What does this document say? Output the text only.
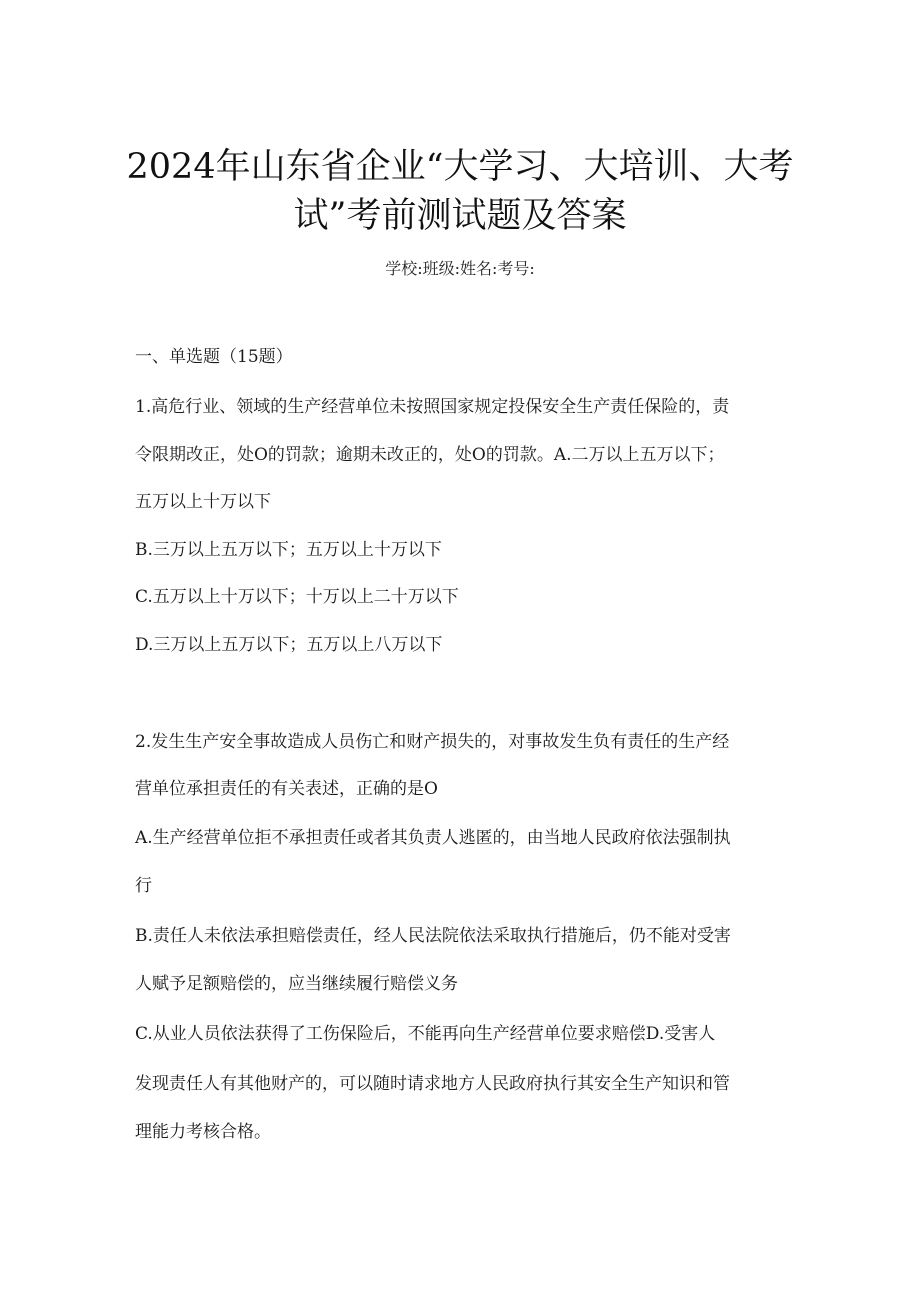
2024年山东省企业“大学习、大培训、大考
试”考前测试题及答案
学校:班级:姓名:考号:
一、单选题（15题）
1.高危行业、领域的生产经营单位未按照国家规定投保安全生产责任保险的，责
令限期改正，处O的罚款；逾期未改正的，处O的罚款。A.二万以上五万以下；
五万以上十万以下
B.三万以上五万以下；五万以上十万以下
C.五万以上十万以下；十万以上二十万以下
D.三万以上五万以下；五万以上八万以下
2.发生生产安全事故造成人员伤亡和财产损失的，对事故发生负有责任的生产经
营单位承担责任的有关表述，正确的是O
A.生产经营单位拒不承担责任或者其负责人逃匿的，由当地人民政府依法强制执
行
B.责任人未依法承担赔偿责任，经人民法院依法采取执行措施后，仍不能对受害
人赋予足额赔偿的，应当继续履行赔偿义务
C.从业人员依法获得了工伤保险后，不能再向生产经营单位要求赔偿D.受害人
发现责任人有其他财产的，可以随时请求地方人民政府执行其安全生产知识和管
理能力考核合格。
